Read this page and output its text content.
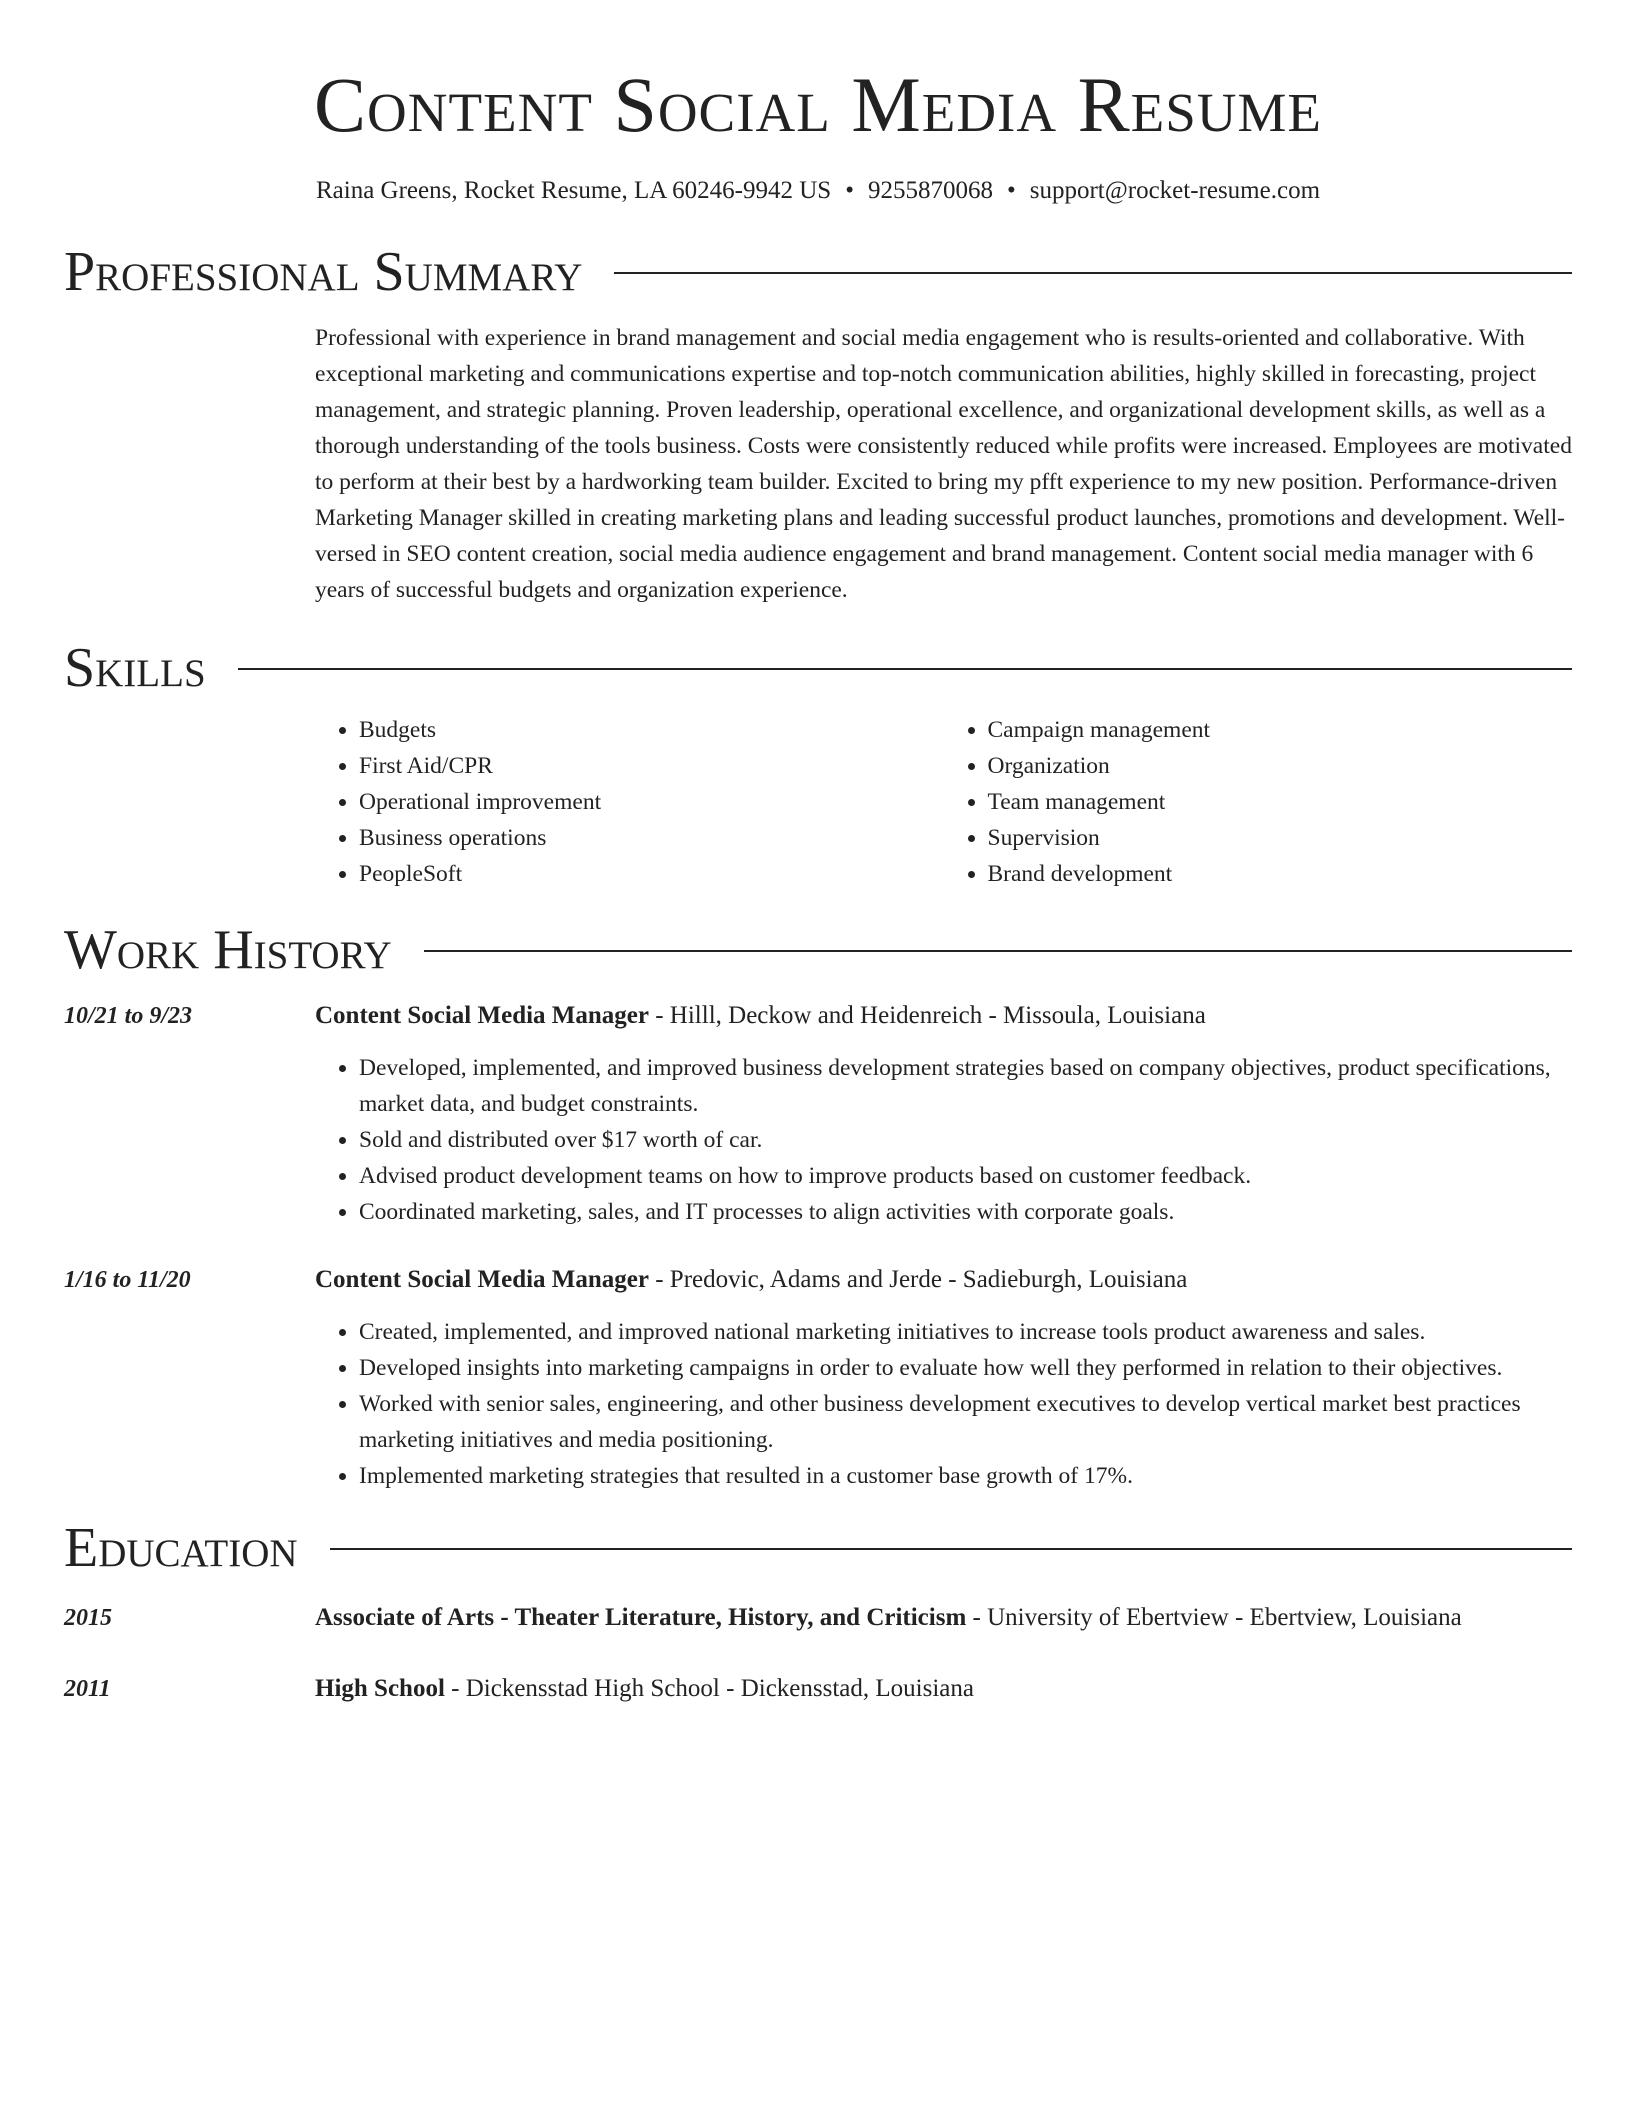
Content Social Media Resume
Raina Greens, Rocket Resume, LA 60246-9942 US • 9255870068 • support@rocket-resume.com
Professional Summary

Professional with experience in brand management and social media engagement who is results-oriented and collaborative. With exceptional marketing and communications expertise and top-notch communication abilities, highly skilled in forecasting, project management, and strategic planning. Proven leadership, operational excellence, and organizational development skills, as well as a thorough understanding of the tools business. Costs were consistently reduced while profits were increased. Employees are motivated to perform at their best by a hardworking team builder. Excited to bring my pfft experience to my new position. Performance-driven Marketing Manager skilled in creating marketing plans and leading successful product launches, promotions and development. Well-versed in SEO content creation, social media audience engagement and brand management. Content social media manager with 6 years of successful budgets and organization experience.

Skills
• Budgets
• First Aid/CPR
• Operational improvement
• Business operations
• PeopleSoft
• Campaign management
• Organization
• Team management
• Supervision
• Brand development
Work History
10/21 to 9/23	Content Social Media Manager - Hilll, Deckow and Heidenreich - Missoula, Louisiana
• Developed, implemented, and improved business development strategies based on company objectives, product specifications, market data, and budget constraints.
• Sold and distributed over $17 worth of car.
• Advised product development teams on how to improve products based on customer feedback.
• Coordinated marketing, sales, and IT processes to align activities with corporate goals.
1/16 to 11/20	Content Social Media Manager - Predovic, Adams and Jerde - Sadieburgh, Louisiana
• Created, implemented, and improved national marketing initiatives to increase tools product awareness and sales.
• Developed insights into marketing campaigns in order to evaluate how well they performed in relation to their objectives.
• Worked with senior sales, engineering, and other business development executives to develop vertical market best practices marketing initiatives and media positioning.
• Implemented marketing strategies that resulted in a customer base growth of 17%.
Education
2015	Associate of Arts - Theater Literature, History, and Criticism - University of Ebertview - Ebertview, Louisiana
2011	High School - Dickensstad High School - Dickensstad, Louisiana
